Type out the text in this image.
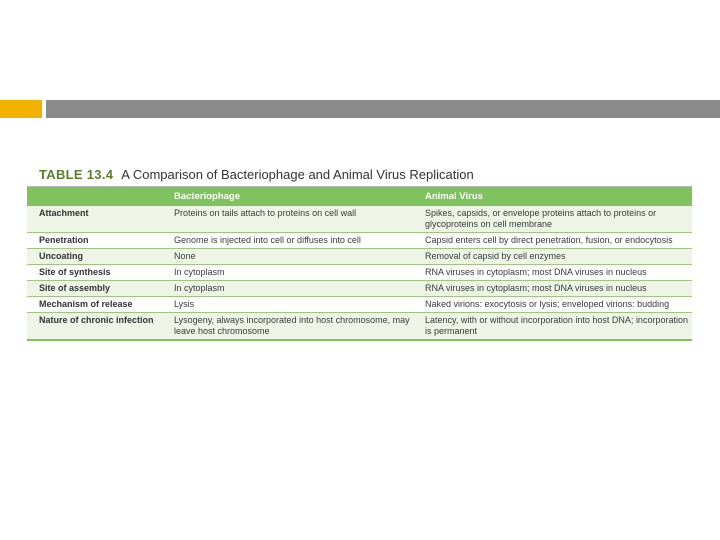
TABLE 13.4 A Comparison of Bacteriophage and Animal Virus Replication
	Bacteriophage	Animal Virus
Attachment	Proteins on tails attach to proteins on cell wall	Spikes, capsids, or envelope proteins attach to proteins or glycoproteins on cell membrane
Penetration	Genome is injected into cell or diffuses into cell	Capsid enters cell by direct penetration, fusion, or endocytosis
Uncoating	None	Removal of capsid by cell enzymes
Site of synthesis	In cytoplasm	RNA viruses in cytoplasm; most DNA viruses in nucleus
Site of assembly	In cytoplasm	RNA viruses in cytoplasm; most DNA viruses in nucleus
Mechanism of release	Lysis	Naked virions: exocytosis or lysis; enveloped virions: budding
Nature of chronic infection	Lysogeny, always incorporated into host chromosome, may leave host chromosome	Latency, with or without incorporation into host DNA; incorporation is permanent
